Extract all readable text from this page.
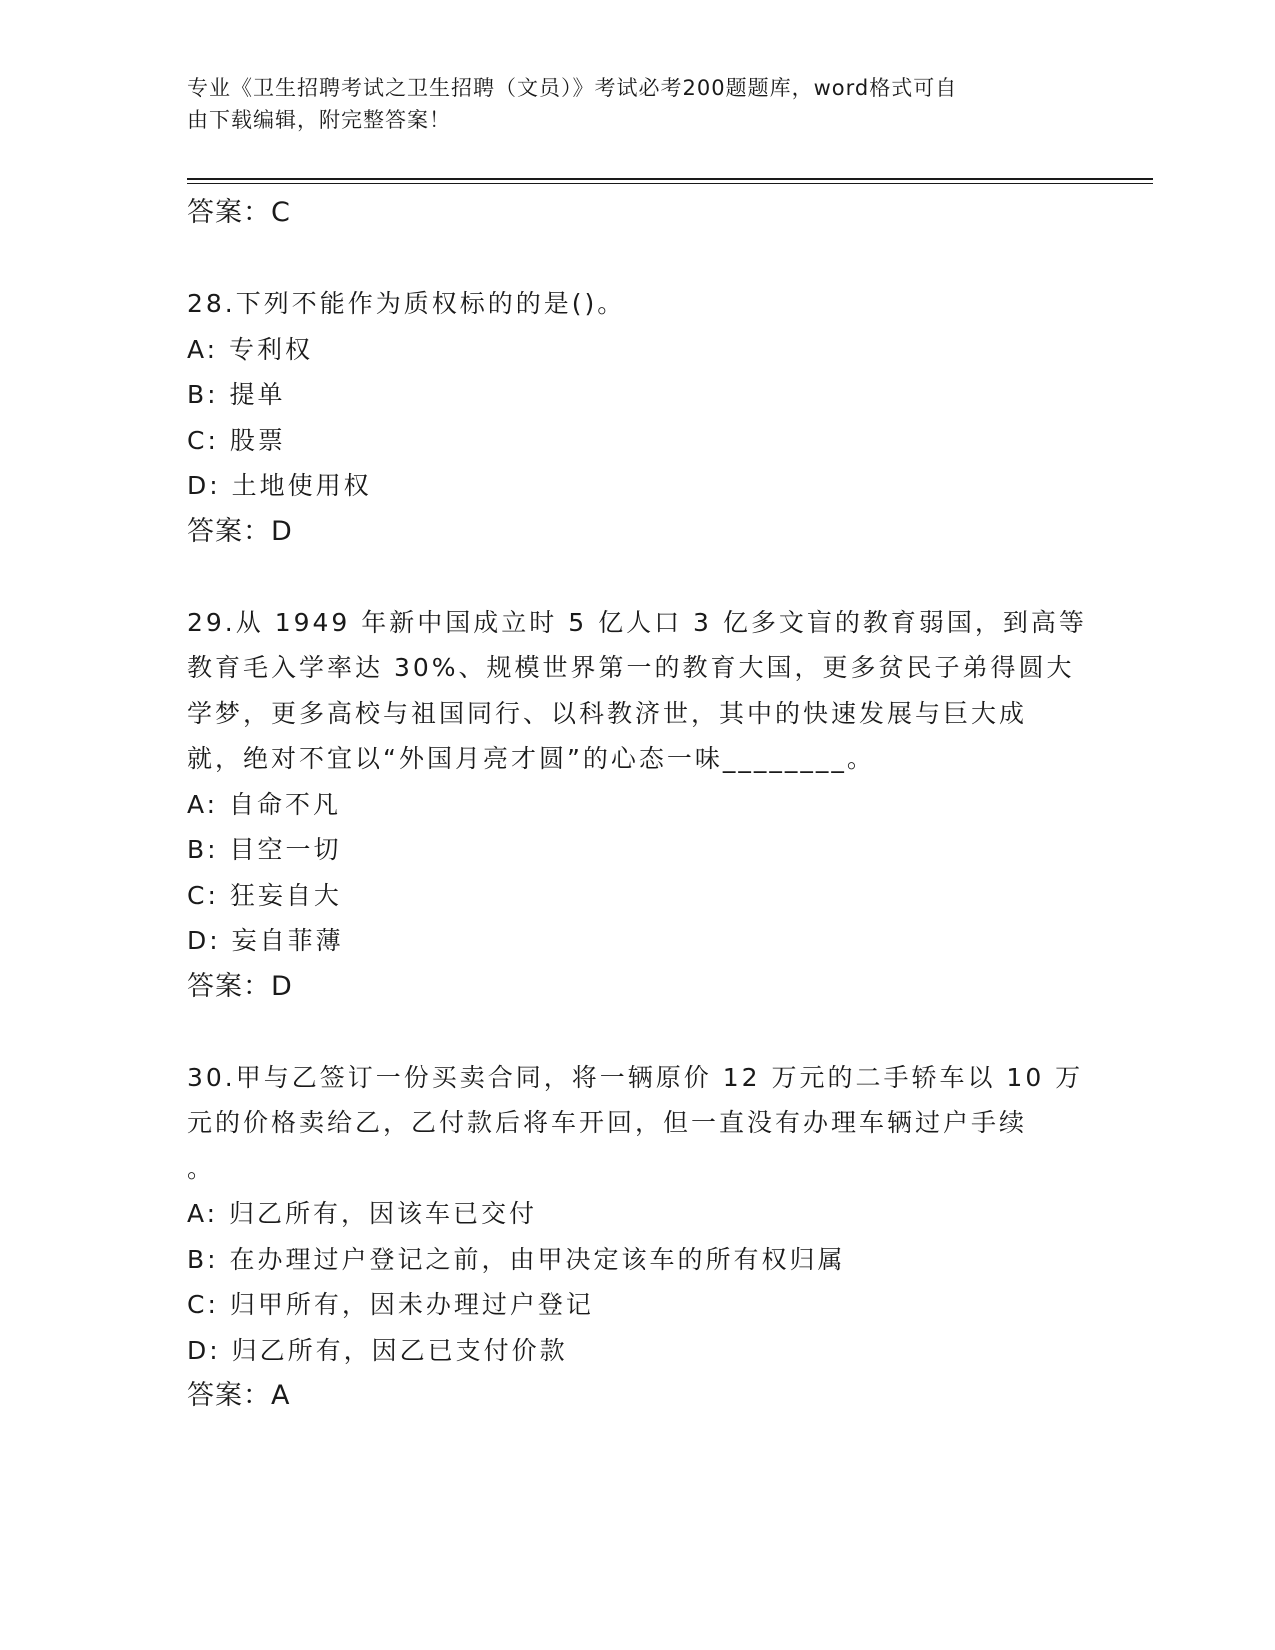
专业《卫生招聘考试之卫生招聘（文员）》考试必考200题题库，word格式可自
由下载编辑，附完整答案！
答案：C
28.下列不能作为质权标的的是()。
A: 专利权
B: 提单
C: 股票
D: 土地使用权
答案：D
29.从 1949 年新中国成立时 5 亿人口 3 亿多文盲的教育弱国，到高等
教育毛入学率达 30%、规模世界第一的教育大国，更多贫民子弟得圆大
学梦，更多高校与祖国同行、以科教济世，其中的快速发展与巨大成
就，绝对不宜以“外国月亮才圆”的心态一味________。
A: 自命不凡
B: 目空一切
C: 狂妄自大
D: 妄自菲薄
答案：D
30.甲与乙签订一份买卖合同，将一辆原价 12 万元的二手轿车以 10 万
元的价格卖给乙，乙付款后将车开回，但一直没有办理车辆过户手续
。
A: 归乙所有，因该车已交付
B: 在办理过户登记之前，由甲决定该车的所有权归属
C: 归甲所有，因未办理过户登记
D: 归乙所有，因乙已支付价款
答案：A
